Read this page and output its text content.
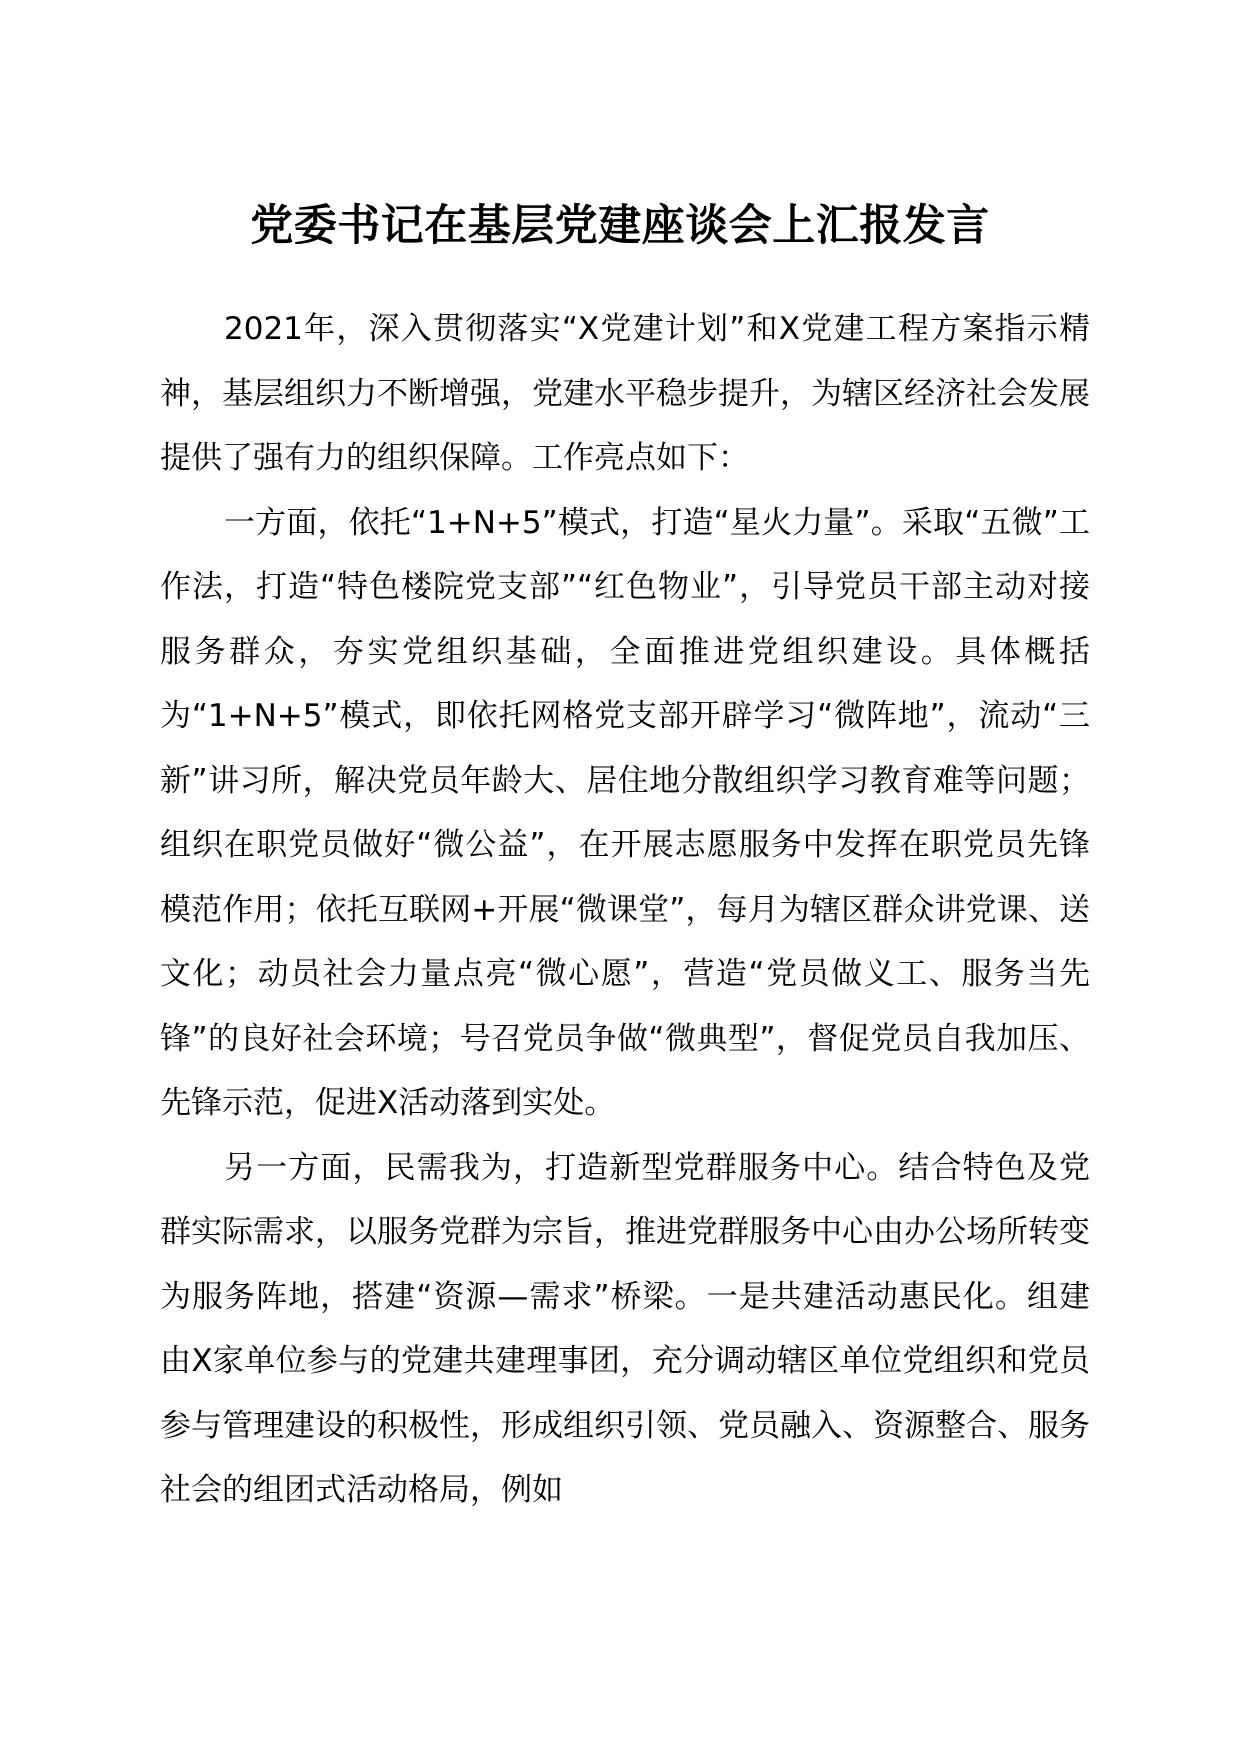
党委书记在基层党建座谈会上汇报发言

2021年，深入贯彻落实“X党建计划”和X党建工程方案指示精神，基层组织力不断增强，党建水平稳步提升，为辖区经济社会发展提供了强有力的组织保障。工作亮点如下：

一方面，依托“1+N+5”模式，打造“星火力量”。采取“五微”工作法，打造“特色楼院党支部”“红色物业”，引导党员干部主动对接服务群众，夯实党组织基础，全面推进党组织建设。具体概括为“1+N+5”模式，即依托网格党支部开辟学习“微阵地”，流动“三新”讲习所，解决党员年龄大、居住地分散组织学习教育难等问题；组织在职党员做好“微公益”，在开展志愿服务中发挥在职党员先锋模范作用；依托互联网+开展“微课堂”，每月为辖区群众讲党课、送文化；动员社会力量点亮“微心愿”，营造“党员做义工、服务当先锋”的良好社会环境；号召党员争做“微典型”，督促党员自我加压、先锋示范，促进X活动落到实处。

另一方面，民需我为，打造新型党群服务中心。结合特色及党群实际需求，以服务党群为宗旨，推进党群服务中心由办公场所转变为服务阵地，搭建“资源—需求”桥梁。一是共建活动惠民化。组建由X家单位参与的党建共建理事团，充分调动辖区单位党组织和党员参与管理建设的积极性，形成组织引领、党员融入、资源整合、服务社会的组团式活动格局，例如
